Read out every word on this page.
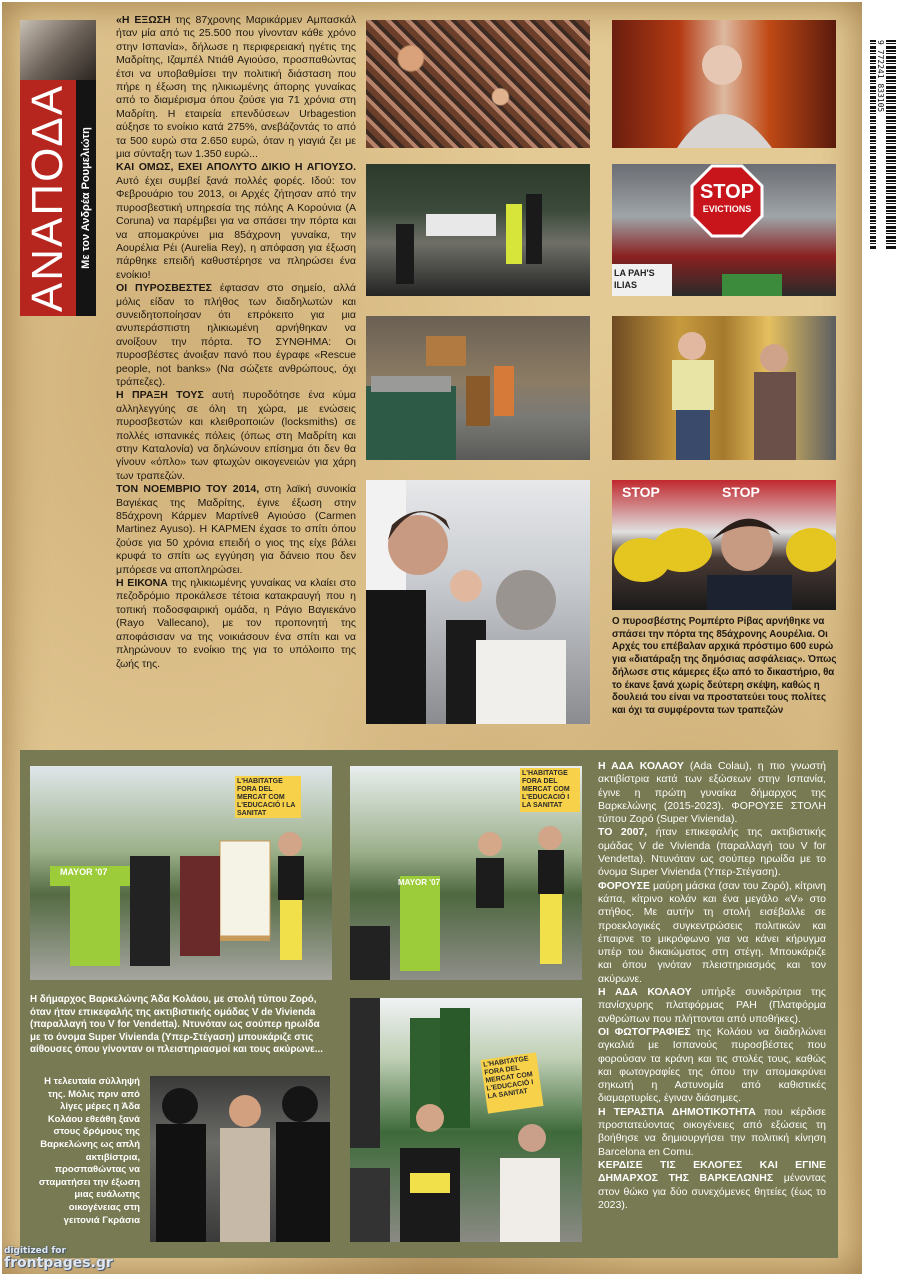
ΑΝΑΠΟΔΑ Με τον Ανδρέα Ρουμελιώτη

«Η ΕΞΩΣΗ της 87χρονης Μαρικάρμεν Αμπασκάλ ήταν μία από τις 25.500 που γίνονταν κάθε χρόνο στην Ισπανία», δήλωσε η περιφερειακή ηγέτις της Μαδρίτης, Ιζαμπέλ Ντιάθ Αγιούσο, προσπαθώντας έτσι να υποβαθμίσει την πολιτική διάσταση που πήρε η έξωση της ηλικιωμένης άπορης γυναίκας από το διαμέρισμα όπου ζούσε για 71 χρόνια στη Μαδρίτη. Η εταιρεία επενδύσεων Urbagestion αύξησε το ενοίκιο κατά 275%, ανεβάζοντάς το από τα 500 ευρώ στα 2.650 ευρώ, όταν η γιαγιά ζει με μια σύνταξη των 1.350 ευρώ...

ΚΑΙ ΟΜΩΣ, ΕΧΕΙ ΑΠΟΛΥΤΟ ΔΙΚΙΟ Η ΑΓΙΟΥΣΟ. Αυτό έχει συμβεί ξανά πολλές φορές. Ιδού: τον Φεβρουάριο του 2013, οι Αρχές ζήτησαν από την πυροσβεστική υπηρεσία της πόλης Α Κορούνια (A Coruna) να παρέμβει για να σπάσει την πόρτα και να απομακρύνει μια 85άχρονη γυναίκα, την Αουρέλια Ρέι (Aurelia Rey), η απόφαση για έξωση πάρθηκε επειδή καθυστέρησε να πληρώσει ένα ενοίκιο!

ΟΙ ΠΥΡΟΣΒΕΣΤΕΣ έφτασαν στο σημείο, αλλά μόλις είδαν το πλήθος των διαδηλωτών και συνειδητοποίησαν ότι επρόκειτο για μια ανυπεράσπιστη ηλικιωμένη αρνήθηκαν να ανοίξουν την πόρτα. ΤΟ ΣΥΝΘΗΜΑ: Οι πυροσβέστες άνοιξαν πανό που έγραφε «Rescue people, not banks» (Να σώζετε ανθρώπους, όχι τράπεζες).

Η ΠΡΑΞΗ ΤΟΥΣ αυτή πυροδότησε ένα κύμα αλληλεγγύης σε όλη τη χώρα, με ενώσεις πυροσβεστών και κλειθροποιών (locksmiths) σε πολλές ισπανικές πόλεις (όπως στη Μαδρίτη και στην Καταλονία) να δηλώνουν επίσημα ότι δεν θα γίνουν «όπλο» των φτωχών οικογενειών για χάρη των τραπεζών.

ΤΟΝ ΝΟΕΜΒΡΙΟ ΤΟΥ 2014, στη λαϊκή συνοικία Βαγιέκας της Μαδρίτης, έγινε έξωση στην 85άχρονη Κάρμεν Μαρτίνεθ Αγιούσο (Carmen Martinez Ayuso). Η ΚΑΡΜΕΝ έχασε το σπίτι όπου ζούσε για 50 χρόνια επειδή ο γιος της είχε βάλει κρυφά το σπίτι ως εγγύηση για δάνειο που δεν μπόρεσε να αποπληρώσει.

Η ΕΙΚΟΝΑ της ηλικιωμένης γυναίκας να κλαίει στο πεζοδρόμιο προκάλεσε τέτοια κατακραυγή που η τοπική ποδοσφαιρική ομάδα, η Ράγιο Βαγιεκάνο (Rayo Vallecano), με τον προπονητή της αποφάσισαν να της νοικιάσουν ένα σπίτι και να πληρώνουν το ενοίκιο της για το υπόλοιπο της ζωής της.

STOP
EVICTIONS
LA PAH'S
ILIAS
STOP	STOP
Ο πυροσβέστης Ρομπέρτο Ρίβας αρνήθηκε να σπάσει την πόρτα της 85άχρονης Αουρέλια. Οι Αρχές του επέβαλαν αρχικά πρόστιμο 600 ευρώ για «διατάραξη της δημόσιας ασφάλειας». Όπως δήλωσε στις κάμερες έξω από το δικαστήριο, θα το έκανε ξανά χωρίς δεύτερη σκέψη, καθώς η δουλειά του είναι να προστατεύει τους πολίτες και όχι τα συμφέροντα των τραπεζών
9 772241 833105
L'HABITATGE FORA DEL MERCAT COM L'EDUCACIÓ I LA SANITAT
MAYOR '07
L'HABITATGE FORA DEL MERCAT COM L'EDUCACIÓ I LA SANITAT
MAYOR '07
Η δήμαρχος Βαρκελώνης Άδα Κολάου, με στολή τύπου Ζορό, όταν ήταν επικεφαλής της ακτιβιστικής ομάδας V de Vivienda (παραλλαγή του V for Vendetta). Ντυνόταν ως σούπερ ηρωίδα με το όνομα Super Vivienda (Υπερ-Στέγαση) μπουκάριζε στις αίθουσες όπου γίνονταν οι πλειστηριασμοί και τους ακύρωνε...
Η τελευταία σύλληψή της. Μόλις πριν από λίγες μέρες η Άδα Κολάου εθεάθη ξανά στους δρόμους της Βαρκελώνης ως απλή ακτιβίστρια, προσπαθώντας να σταματήσει την έξωση μιας ευάλωτης οικογένειας στη γειτονιά Γκράσια
L'HABITATGE FORA DEL MERCAT COM L'EDUCACIÓ I LA SANITAT

Η ΑΔΑ ΚΟΛΑΟΥ (Ada Colau), η πιο γνωστή ακτιβίστρια κατά των εξώσεων στην Ισπανία, έγινε η πρώτη γυναίκα δήμαρχος της Βαρκελώνης (2015-2023). ΦΟΡΟΥΣΕ ΣΤΟΛΗ τύπου Ζορό (Super Vivienda).

ΤΟ 2007, ήταν επικεφαλής της ακτιβιστικής ομάδας V de Vivienda (παραλλαγή του V for Vendetta). Ντυνόταν ως σούπερ ηρωίδα με το όνομα Super Vivienda (Υπερ-Στέγαση).

ΦΟΡΟΥΣΕ μαύρη μάσκα (σαν του Ζορό), κίτρινη κάπα, κίτρινο κολάν και ένα μεγάλο «V» στο στήθος. Με αυτήν τη στολή εισέβαλλε σε προεκλογικές συγκεντρώσεις πολιτικών και έπαιρνε το μικρόφωνο για να κάνει κήρυγμα υπέρ του δικαιώματος στη στέγη. Μπουκάριζε και όπου γινόταν πλειστηριασμός και τον ακύρωνε.

Η ΑΔΑ ΚΟΛΑΟΥ υπήρξε συνιδρύτρια της πανίσχυρης πλατφόρμας PAH (Πλατφόρμα ανθρώπων που πλήττονται από υποθήκες).

ΟΙ ΦΩΤΟΓΡΑΦΙΕΣ της Κολάου να διαδηλώνει αγκαλιά με Ισπανούς πυροσβέστες που φορούσαν τα κράνη και τις στολές τους, καθώς και φωτογραφίες της όπου την απομακρύνει σηκωτή η Αστυνομία από καθιστικές διαμαρτυρίες, έγιναν διάσημες.

Η ΤΕΡΑΣΤΙΑ ΔΗΜΟΤΙΚΟΤΗΤΑ που κέρδισε προστατεύοντας οικογένειες από εξώσεις τη βοήθησε να δημιουργήσει την πολιτική κίνηση Barcelona en Comu.

ΚΕΡΔΙΣΕ ΤΙΣ ΕΚΛΟΓΕΣ ΚΑΙ ΕΓΙΝΕ ΔΗΜΑΡΧΟΣ ΤΗΣ ΒΑΡΚΕΛΩΝΗΣ μένοντας στον θώκο για δύο συνεχόμενες θητείες (έως το 2023).

digitized for
frontpages.gr
